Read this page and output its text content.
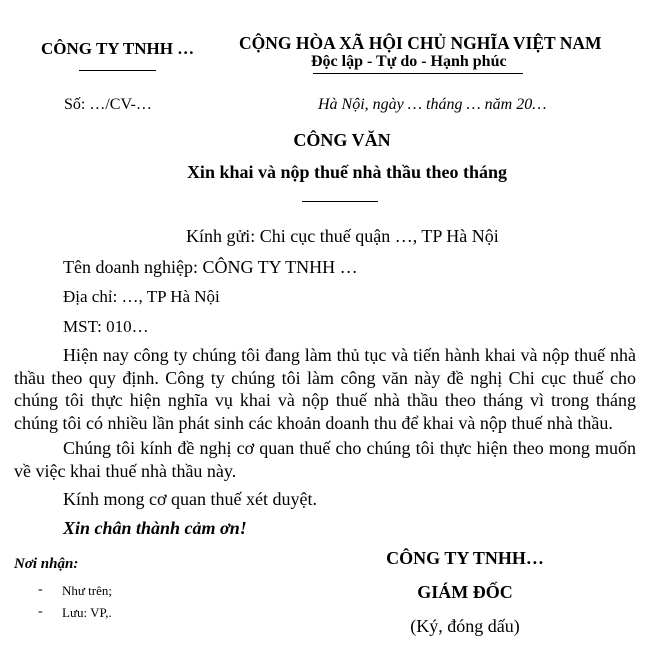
CÔNG TY TNHH …	CỘNG HÒA XÃ HỘI CHỦ NGHĨA VIỆT NAM
Độc lập - Tự do - Hạnh phúc
Số: …/CV-…	Hà Nội, ngày … tháng … năm 20…
CÔNG VĂN
Xin khai và nộp thuế nhà thầu theo tháng
Kính gửi: Chi cục thuế quận …, TP Hà Nội
Tên doanh nghiệp: CÔNG TY TNHH …
Địa chỉ: …, TP Hà Nội
MST: 010…
Hiện nay công ty chúng tôi đang làm thủ tục và tiến hành khai và nộp thuế nhà thầu theo quy định. Công ty chúng tôi làm công văn này đề nghị Chi cục thuế cho chúng tôi thực hiện nghĩa vụ khai và nộp thuế nhà thầu theo tháng vì trong tháng chúng tôi có nhiều lần phát sinh các khoản doanh thu để khai và nộp thuế nhà thầu.
Chúng tôi kính đề nghị cơ quan thuế cho chúng tôi thực hiện theo mong muốn về việc khai thuế nhà thầu này.
Kính mong cơ quan thuế xét duyệt.
Xin chân thành cảm ơn!
Nơi nhận:
- Như trên;
- Lưu: VP,.
CÔNG TY TNHH…
GIÁM ĐỐC
(Ký, đóng dấu)
